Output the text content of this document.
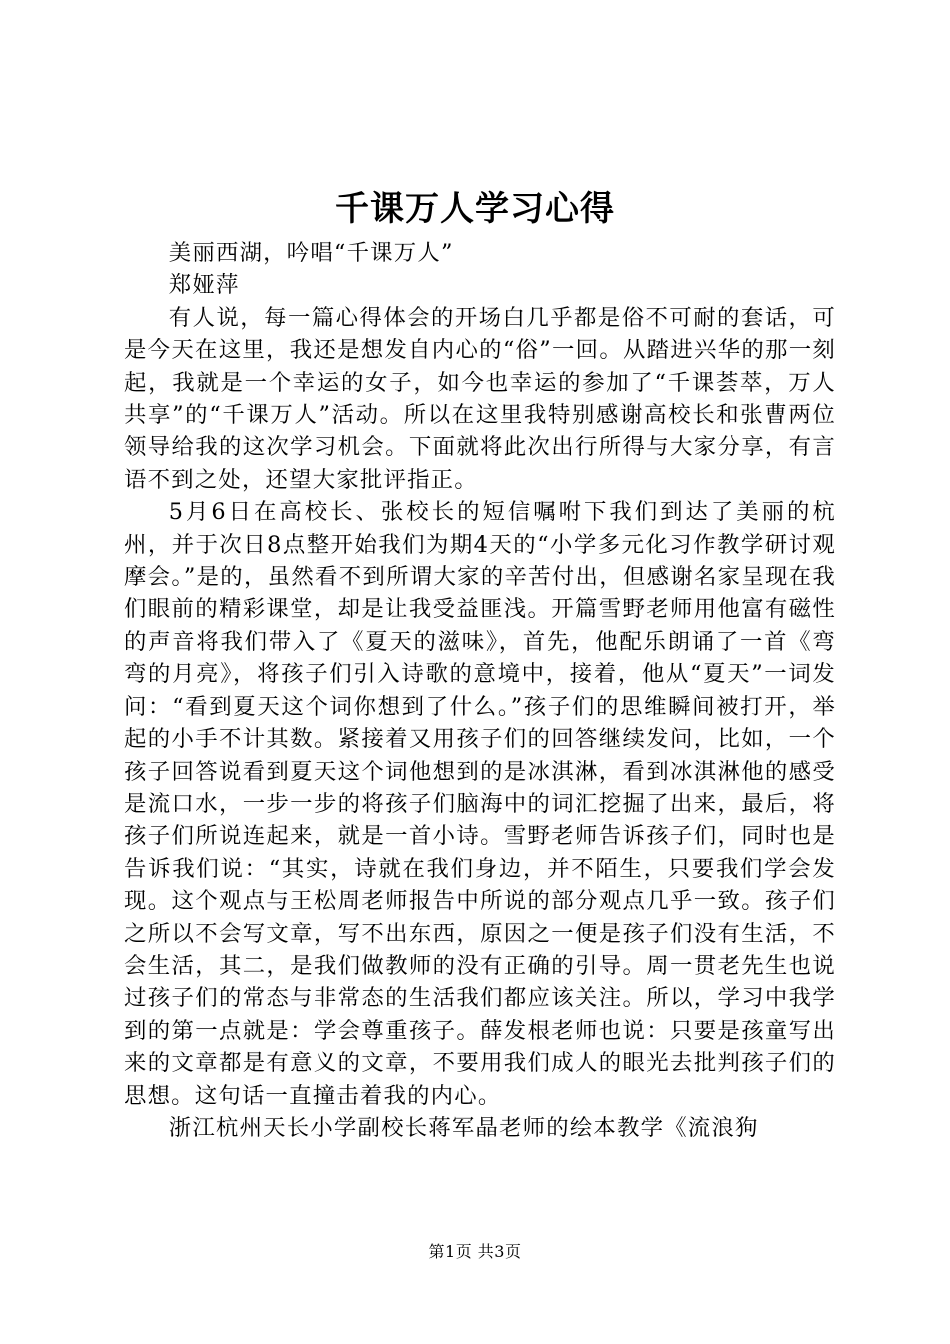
千课万人学习心得

美丽西湖，吟唱“千课万人”

郑娅萍

有人说，每一篇心得体会的开场白几乎都是俗不可耐的套话，可是今天在这里，我还是想发自内心的“俗”一回。从踏进兴华的那一刻起，我就是一个幸运的女子，如今也幸运的参加了“千课荟萃，万人共享”的“千课万人”活动。所以在这里我特别感谢高校长和张曹两位领导给我的这次学习机会。下面就将此次出行所得与大家分享，有言语不到之处，还望大家批评指正。

5月6日在高校长、张校长的短信嘱咐下我们到达了美丽的杭州，并于次日8点整开始我们为期4天的“小学多元化习作教学研讨观摩会。”是的，虽然看不到所谓大家的辛苦付出，但感谢名家呈现在我们眼前的精彩课堂，却是让我受益匪浅。开篇雪野老师用他富有磁性的声音将我们带入了《夏天的滋味》，首先，他配乐朗诵了一首《弯弯的月亮》，将孩子们引入诗歌的意境中，接着，他从“夏天”一词发问：“看到夏天这个词你想到了什么。”孩子们的思维瞬间被打开，举起的小手不计其数。紧接着又用孩子们的回答继续发问，比如，一个孩子回答说看到夏天这个词他想到的是冰淇淋，看到冰淇淋他的感受是流口水，一步一步的将孩子们脑海中的词汇挖掘了出来，最后，将孩子们所说连起来，就是一首小诗。雪野老师告诉孩子们，同时也是告诉我们说：“其实，诗就在我们身边，并不陌生，只要我们学会发现。这个观点与王松周老师报告中所说的部分观点几乎一致。孩子们之所以不会写文章，写不出东西，原因之一便是孩子们没有生活，不会生活，其二，是我们做教师的没有正确的引导。周一贯老先生也说过孩子们的常态与非常态的生活我们都应该关注。所以，学习中我学到的第一点就是：学会尊重孩子。薛发根老师也说：只要是孩童写出来的文章都是有意义的文章，不要用我们成人的眼光去批判孩子们的思想。这句话一直撞击着我的内心。

浙江杭州天长小学副校长蒋军晶老师的绘本教学《流浪狗

第1页 共3页
